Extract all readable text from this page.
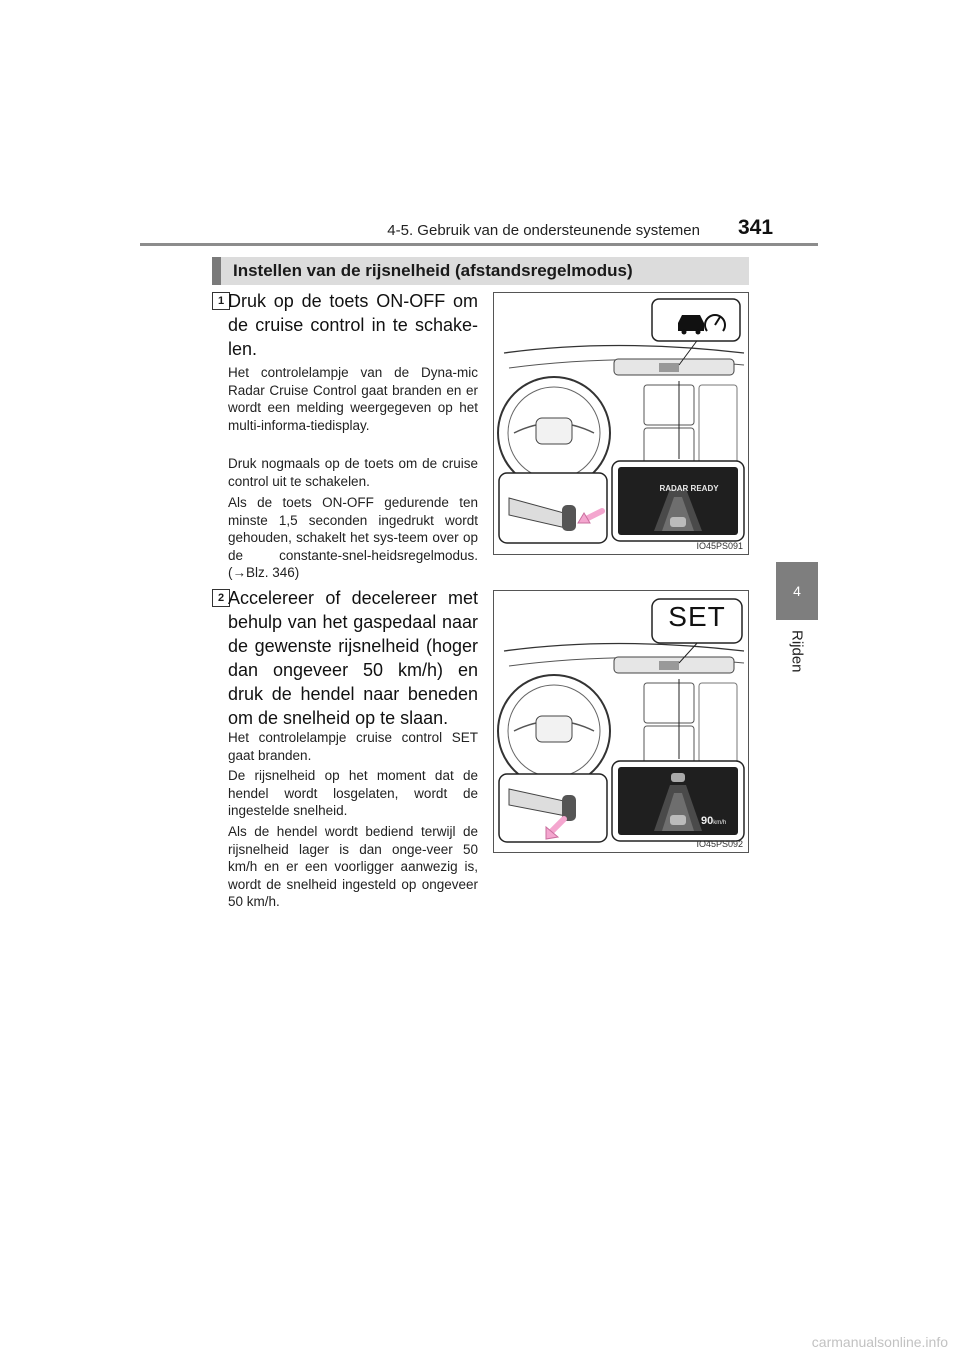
4-5. Gebruik van de ondersteunende systemen 341
4
Rijden
Instellen van de rijsnelheid (afstandsregelmodus)
1 Druk op de toets ON-OFF om de cruise control in te schake-len.

Het controlelampje van de Dyna-mic Radar Cruise Control gaat branden en er wordt een melding weergegeven op het multi-informa-tiedisplay.

Druk nogmaals op de toets om de cruise control uit te schakelen.

Als de toets ON-OFF gedurende ten minste 1,5 seconden ingedrukt wordt gehouden, schakelt het sys-teem over op de constante-snel-heidsregelmodus. (→Blz. 346)

RADAR READY
IO45PS091
2 Accelereer of decelereer met behulp van het gaspedaal naar de gewenste rijsnelheid (hoger dan ongeveer 50 km/h) en druk de hendel naar beneden om de snelheid op te slaan.

Het controlelampje cruise control SET gaat branden.

De rijsnelheid op het moment dat de hendel wordt losgelaten, wordt de ingestelde snelheid.

Als de hendel wordt bediend terwijl de rijsnelheid lager is dan onge-veer 50 km/h en er een voorligger aanwezig is, wordt de snelheid ingesteld op ongeveer 50 km/h.

SET
90km/h
IO45PS092
carmanualsonline.info
